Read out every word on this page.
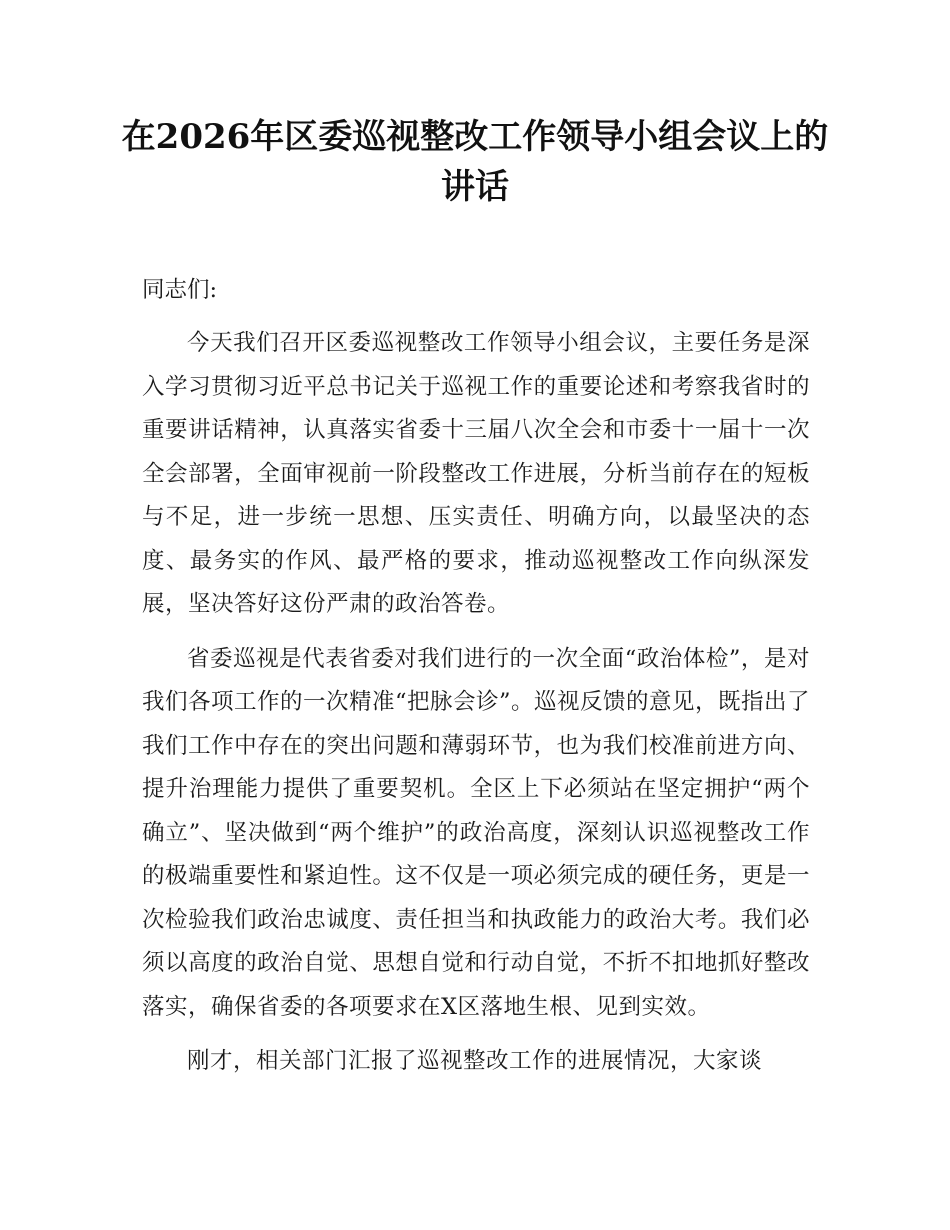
在2026年区委巡视整改工作领导小组会议上的讲话

同志们:

今天我们召开区委巡视整改工作领导小组会议，主要任务是深入学习贯彻习近平总书记关于巡视工作的重要论述和考察我省时的重要讲话精神，认真落实省委十三届八次全会和市委十一届十一次全会部署，全面审视前一阶段整改工作进展，分析当前存在的短板与不足，进一步统一思想、压实责任、明确方向，以最坚决的态度、最务实的作风、最严格的要求，推动巡视整改工作向纵深发展，坚决答好这份严肃的政治答卷。

省委巡视是代表省委对我们进行的一次全面“政治体检”，是对我们各项工作的一次精准“把脉会诊”。巡视反馈的意见，既指出了我们工作中存在的突出问题和薄弱环节，也为我们校准前进方向、提升治理能力提供了重要契机。全区上下必须站在坚定拥护“两个确立”、坚决做到“两个维护”的政治高度，深刻认识巡视整改工作的极端重要性和紧迫性。这不仅是一项必须完成的硬任务，更是一次检验我们政治忠诚度、责任担当和执政能力的政治大考。我们必须以高度的政治自觉、思想自觉和行动自觉，不折不扣地抓好整改落实，确保省委的各项要求在X区落地生根、见到实效。

刚才，相关部门汇报了巡视整改工作的进展情况，大家谈
